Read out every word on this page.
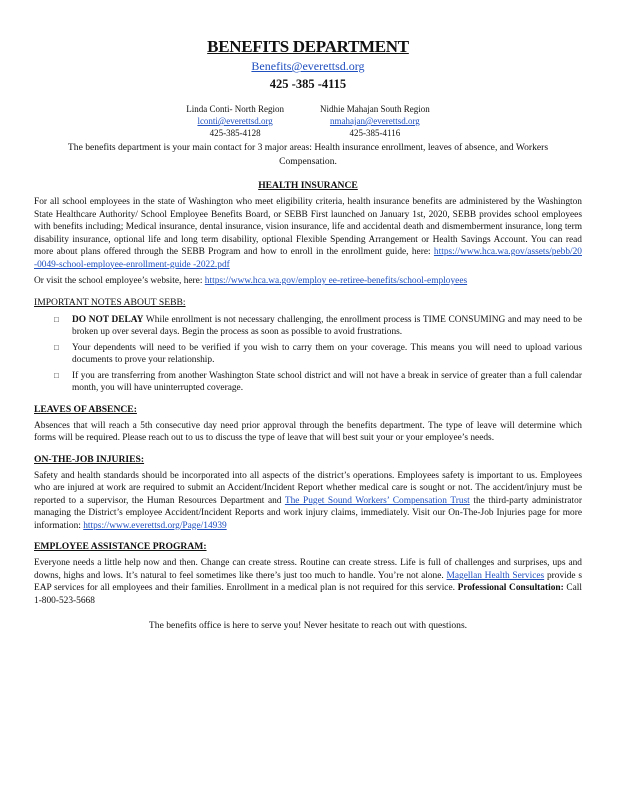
BENEFITS DEPARTMENT
Benefits@everettsd.org
425 -385 -4115
Linda Conti- North Region
lconti@everettsd.org
425-385-4128
Nidhie Mahajan South Region
nmahajan@everettsd.org
425-385-4116
The benefits department is your main contact for 3 major areas: Health insurance enrollment, leaves of absence, and Workers Compensation.
HEALTH INSURANCE

For all school employees in the state of Washington who meet eligibility criteria, health insurance benefits are administered by the Washington State Healthcare Authority/ School Employee Benefits Board, or SEBB First launched on January 1st, 2020, SEBB provides school employees with benefits including; Medical insurance, dental insurance, vision insurance, life and accidental death and dismemberment insurance, long term disability insurance, optional life and long term disability, optional Flexible Spending Arrangement or Health Savings Account. You can read more about plans offered through the SEBB Program and how to enroll in the enrollment guide, here: https://www.hca.wa.gov/assets/pebb/20 -0049-school-employee-enrollment-guide -2022.pdf

Or visit the school employee’s website, here: https://www.hca.wa.gov/employ ee-retiree-benefits/school-employees

IMPORTANT NOTES ABOUT SEBB:
□ DO NOT DELAY While enrollment is not necessary challenging, the enrollment process is TIME CONSUMING and may need to be broken up over several days. Begin the process as soon as possible to avoid frustrations.
□ Your dependents will need to be verified if you wish to carry them on your coverage. This means you will need to upload various documents to prove your relationship.
□ If you are transferring from another Washington State school district and will not have a break in service of greater than a full calendar month, you will have uninterrupted coverage.
LEAVES OF ABSENCE:

Absences that will reach a 5th consecutive day need prior approval through the benefits department. The type of leave will determine which forms will be required. Please reach out to us to discuss the type of leave that will best suit your or your employee’s needs.

ON-THE-JOB INJURIES:

Safety and health standards should be incorporated into all aspects of the district’s operations. Employees safety is important to us. Employees who are injured at work are required to submit an Accident/Incident Report whether medical care is sought or not. The accident/injury must be reported to a supervisor, the Human Resources Department and The Puget Sound Workers’ Compensation Trust the third-party administrator managing the District’s employee Accident/Incident Reports and work injury claims, immediately. Visit our On-The-Job Injuries page for more information: https://www.everettsd.org/Page/14939

EMPLOYEE ASSISTANCE PROGRAM:

Everyone needs a little help now and then. Change can create stress. Routine can create stress. Life is full of challenges and surprises, ups and downs, highs and lows. It’s natural to feel sometimes like there’s just too much to handle. You’re not alone. Magellan Health Services provide s EAP services for all employees and their families. Enrollment in a medical plan is not required for this service. Professional Consultation: Call 1-800-523-5668

The benefits office is here to serve you! Never hesitate to reach out with questions.
